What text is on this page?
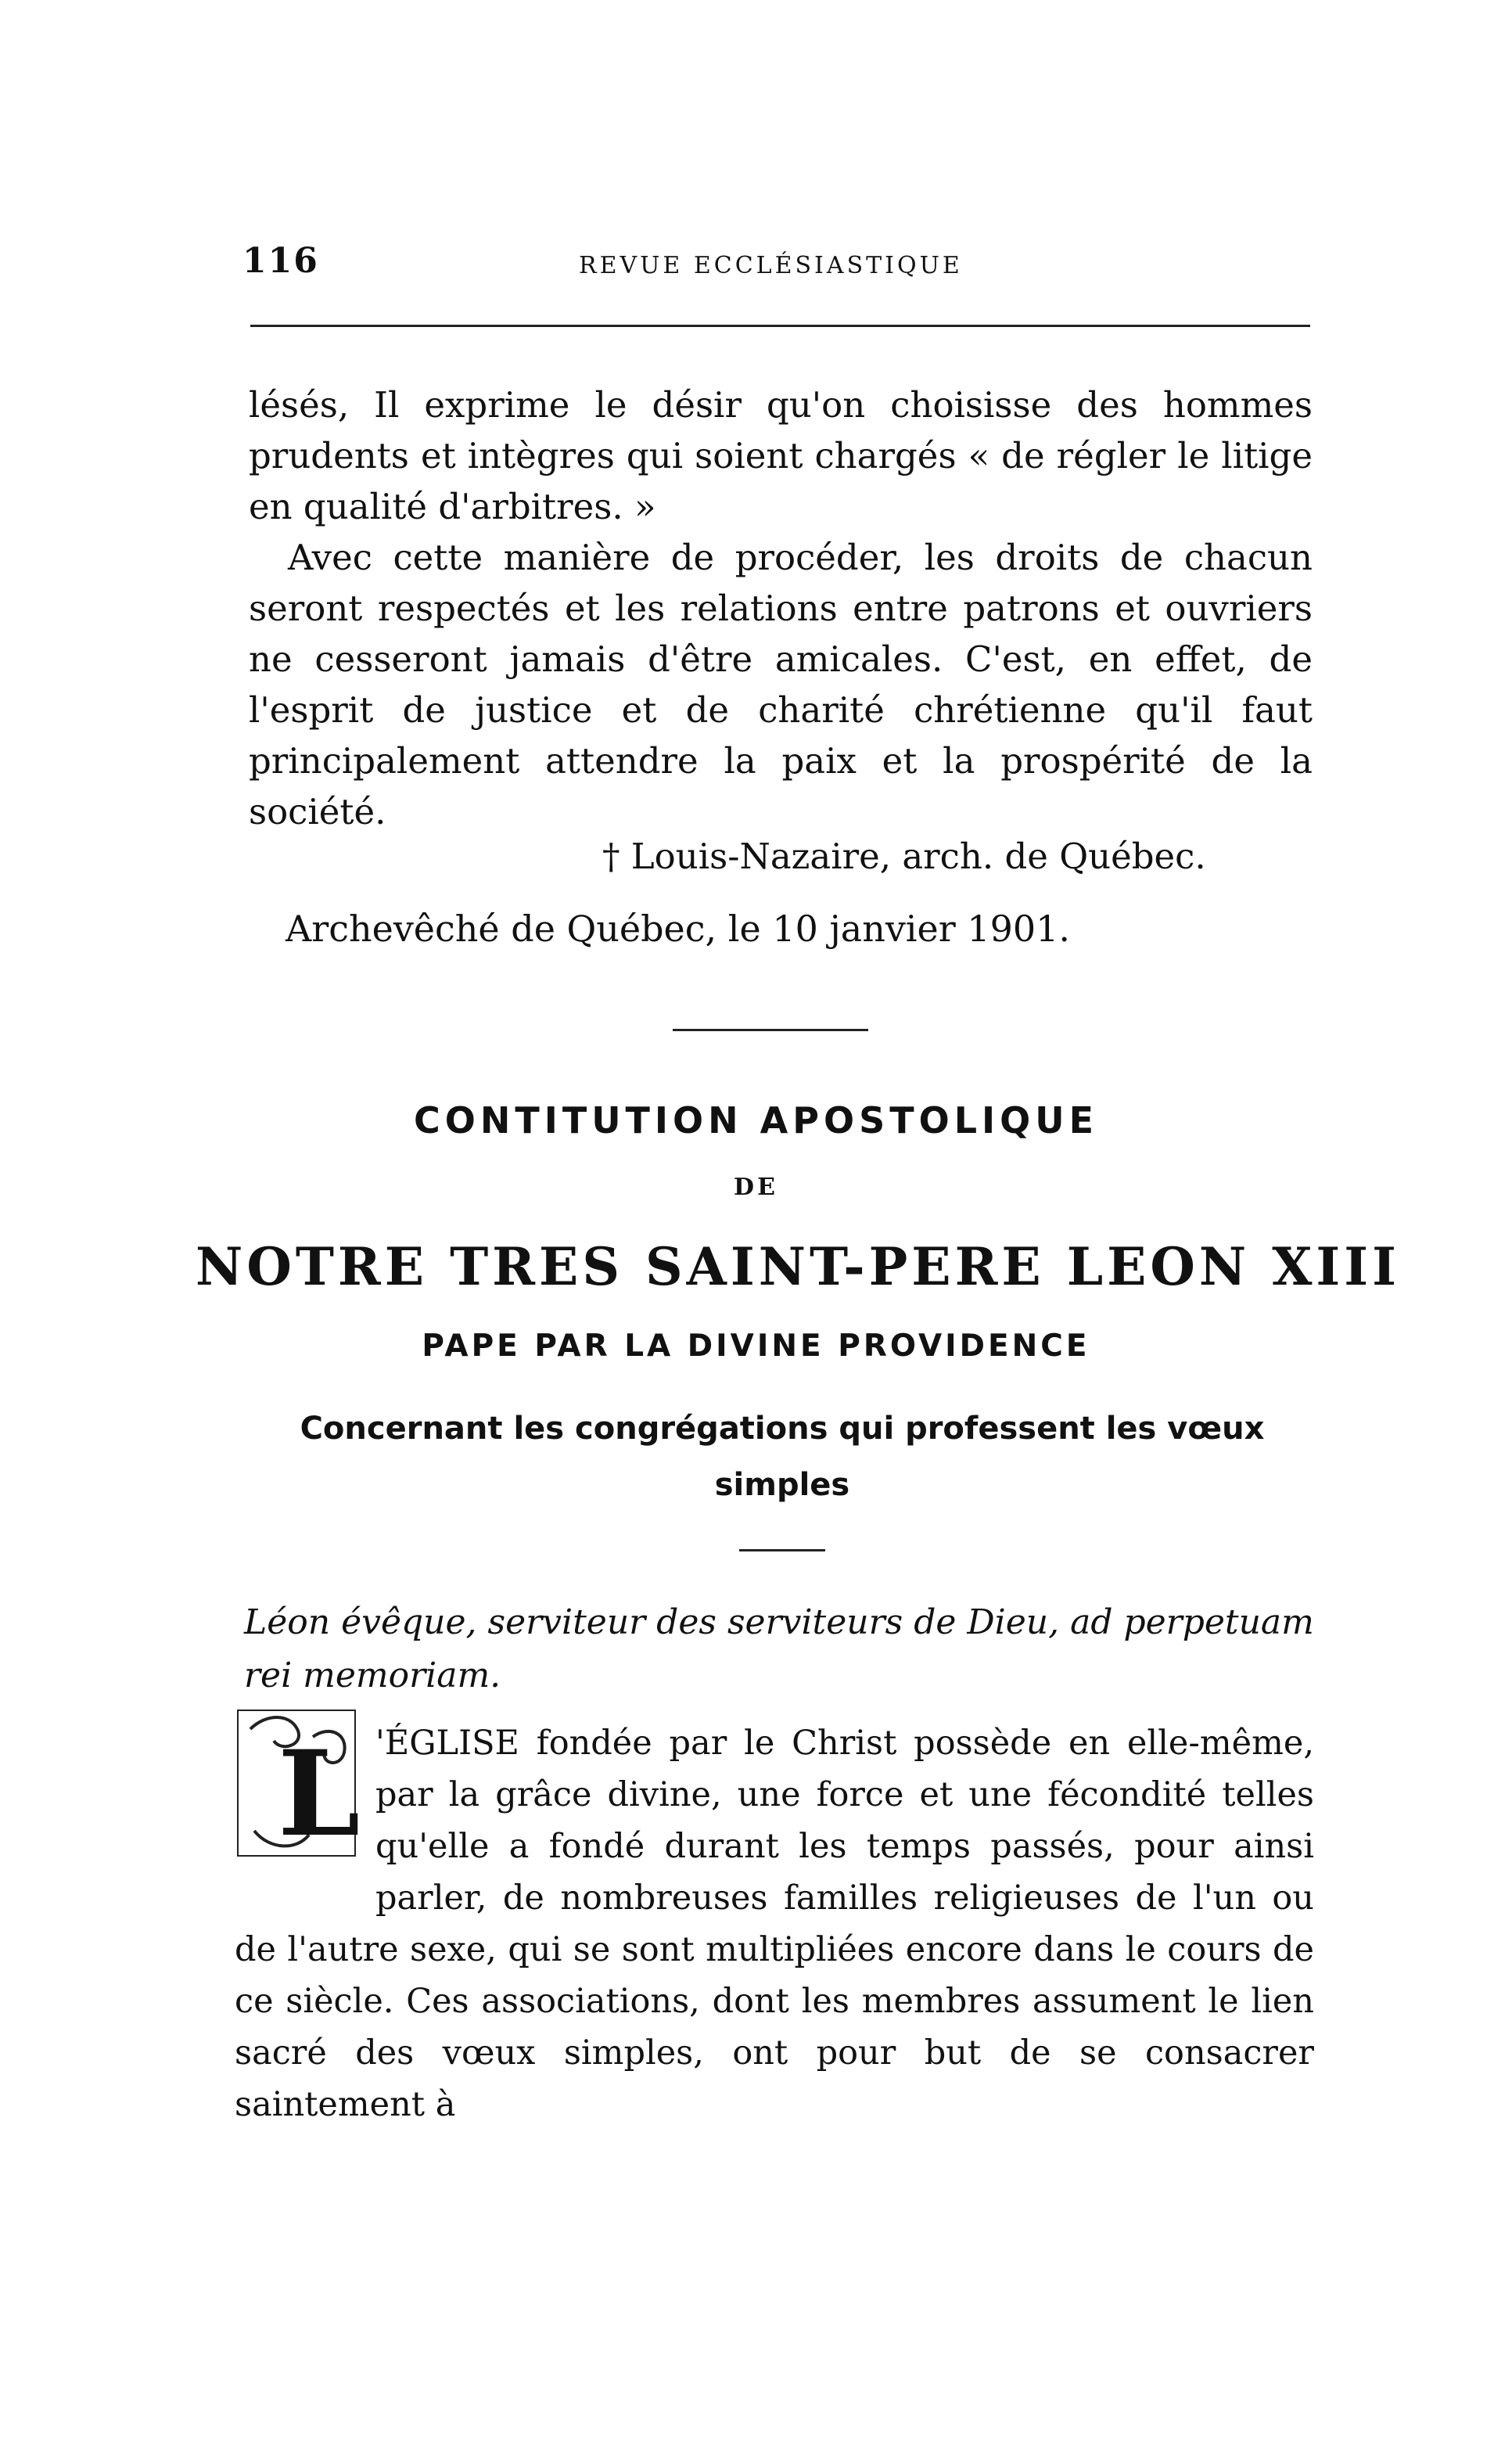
116	REVUE ECCLÉSIASTIQUE

lésés, Il exprime le désir qu'on choisisse des hommes prudents et intègres qui soient chargés « de régler le litige en qualité d'arbitres. »

Avec cette manière de procéder, les droits de chacun seront respectés et les relations entre patrons et ouvriers ne cesseront jamais d'être amicales. C'est, en effet, de l'esprit de justice et de charité chrétienne qu'il faut principalement attendre la paix et la prospérité de la société.

† Louis-Nazaire, arch. de Québec.
Archevêché de Québec, le 10 janvier 1901.

CONTITUTION APOSTOLIQUE

DE

NOTRE TRES SAINT-PERE LEON XIII

PAPE PAR LA DIVINE PROVIDENCE

Concernant les congrégations qui professent les vœux simples

Léon évêque, serviteur des serviteurs de Dieu, ad perpetuam rei memoriam.

'ÉGLISE fondée par le Christ possède en elle-même, par la grâce divine, une force et une fécondité telles qu'elle a fondé durant les temps passés, pour ainsi parler, de nombreuses familles religieuses de l'un ou de l'autre sexe, qui se sont multipliées encore dans le cours de ce siècle. Ces associations, dont les membres assument le lien sacré des vœux simples, ont pour but de se consacrer saintement à
L
